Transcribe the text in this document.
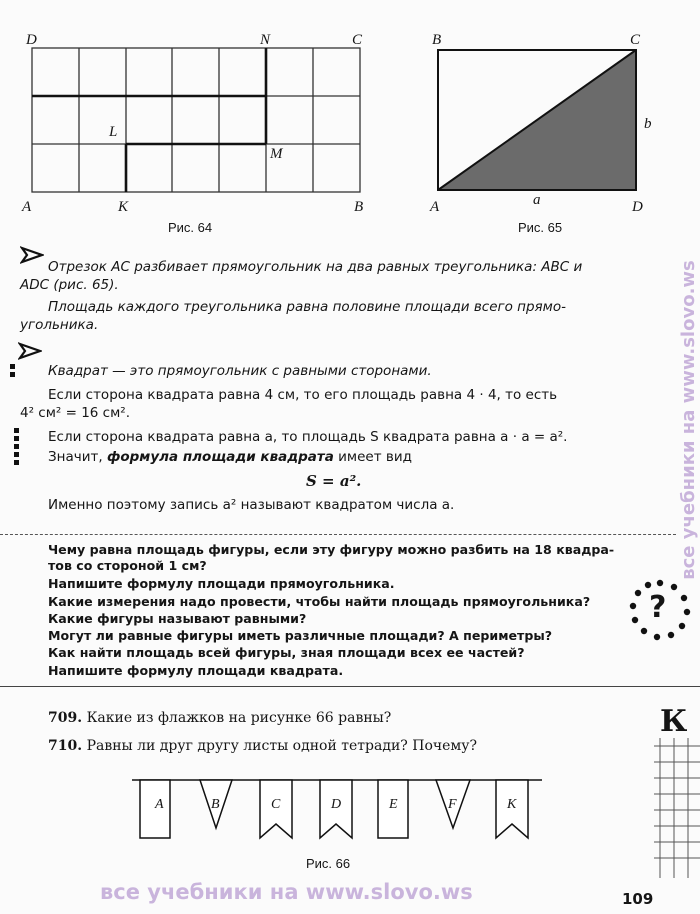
D	N	C
L
M
A	K	B
Рис. 64
B	C
A	D
a
b
Рис. 65
Отрезок AC разбивает прямоугольник на два равных треугольника: ABC и
ADC (рис. 65).
Площадь каждого треугольника равна половине площади всего прямо-
угольника.
Квадрат — это прямоугольник с равными сторонами.
Если сторона квадрата равна 4 см, то его площадь равна 4 · 4, то есть
4² см² = 16 см².
Если сторона квадрата равна a, то площадь S квадрата равна a · a = a².
Значит, формула площади квадрата имеет вид
S = a².
Именно поэтому запись a² называют квадратом числа a.
Чему равна площадь фигуры, если эту фигуру можно разбить на 18 квадра-
тов со стороной 1 см?
Напишите формулу площади прямоугольника.
Какие измерения надо провести, чтобы найти площадь прямоугольника?
Какие фигуры называют равными?
Могут ли равные фигуры иметь различные площади? А периметры?
Как найти площадь всей фигуры, зная площади всех ее частей?
Напишите формулу площади квадрата.
?
709. Какие из флажков на рисунке 66 равны?
710. Равны ли друг другу листы одной тетради? Почему?
К
A	B	C	D	E	F	K
Рис. 66
все учебники на www.slovo.ws	109
все учебники на www.slovo.ws
